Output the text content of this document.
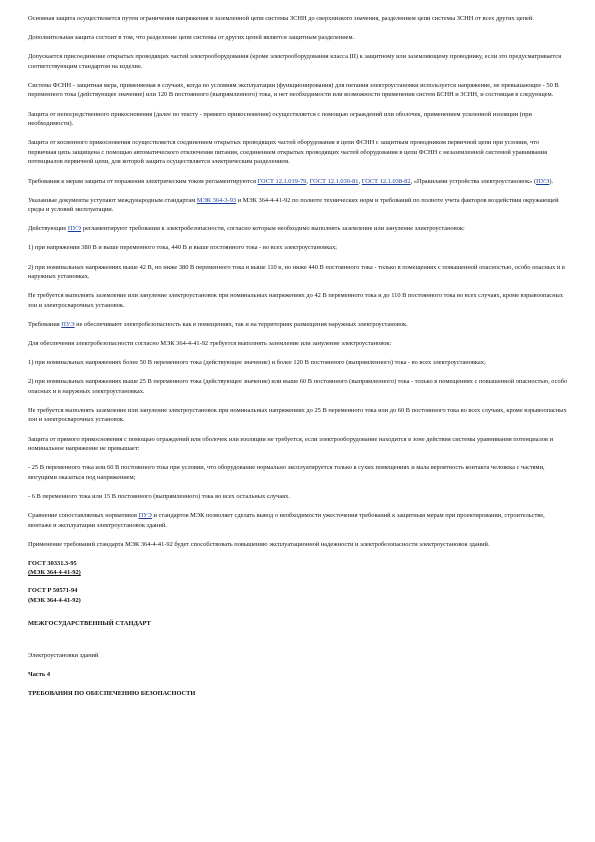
Основная защита осуществляется путем ограничения напряжения в заземленной цепи системы ЗСНН до сверхнизкого значения, разделением цепи системы ЗСНН от всех других цепей.

Дополнительная защита состоит в том, что разделение цепи системы от других цепей является защитным разделением.

Допускается присоединение открытых проводящих частей электрооборудования (кроме электрооборудования класса III) к защитному или заземляющему проводнику, если это предусматривается соответствующим стандартом на изделие.

Система ФСНН - защитная мера, применяемая в случаях, когда по условиям эксплуатации (функционирования) для питания электроустановки используется напряжение, не превышающее - 50 В переменного тока (действующее значение) или 120 В постоянного (выпрямленного) тока, и нет необходимости или возможности применения систем БСНН и ЗСНН, и состоящая в следующем.

Защита от непосредственного прикосновения (далее по тексту - прямого прикосновения) осуществляется с помощью ограждений или оболочек, применением усиленной изоляции (при необходимости).

Защита от косвенного прикосновения осуществляется соединением открытых проводящих частей оборудования в цепи ФСНН с защитным проводником первичной цепи при условии, что первичная цепь защищена с помощью автоматического отключения питания, соединением открытых проводящих частей оборудования в цепи ФСНН с незаземленной системой уравнивания потенциалов первичной цепи, для которой защита осуществляется электрическим разделением.

Требования к мерам защиты от поражения электрическим током регламентируются ГОСТ 12.1.019-79, ГОСТ 12.1.030-81, ГОСТ 12.1.038-82, «Правилами устройства электроустановок» (ПУЭ).

Указанные документы уступают международным стандартам МЭК 364-3-93 и МЭК 364-4-41-92 по полноте технических норм и требований по полноте учета факторов воздействия окружающей среды и условий эксплуатации.

Действующие ПУЭ регламентируют требования к электробезопасности, согласно которым необходимо выполнять заземление или зануление электроустановок:

1) при напряжении 380 В и выше переменного тока, 440 В и выше постоянного тока - во всех электроустановках;

2) при номинальных напряжениях выше 42 В, но ниже 380 В переменного тока и выше 110 в, но ниже 440 В постоянного тока - только в помещениях с повышенной опасностью, особо опасных и в наружных установках.

Не требуется выполнять заземление или зануление электроустановок при номинальных напряжениях до 42 В переменного тока и до 110 В постоянного тока во всех случаях, кроме взрывоопасных зон и электросварочных установок.

Требования ПУЭ не обеспечивают электробезопасность как в помещениях, так и на территориях размещения наружных электроустановок.

Для обеспечения электробезопасности согласно МЭК 364-4-41-92 требуется выполнять заземление или зануление электроустановок:

1) при номинальных напряжениях более 50 В переменного тока (действующее значение) и более 120 В постоянного (выпрямленного) тока - во всех электроустановках;

2) при номинальных напряжениях выше 25 В переменного тока (действующее значение) или выше 60 В постоянного (выпрямленного) тока - только в помещениях с повышенной опасностью, особо опасных и в наружных электроустановках.

Не требуется выполнять заземление или зануление электроустановок при номинальных напряжениях до 25 В переменного тока или до 60 В постоянного тока во всех случаях, кроме взрывоопасных зон и электросварочных установок.

Защита от прямого прикосновения с помощью ограждений или оболочек или изоляции не требуется, если электрооборудование находится в зоне действия системы уравнивания потенциалов и номинальное напряжение не превышает:

- 25 В переменного тока или 60 В постоянного тока при условии, что оборудование нормально эксплуатируется только в сухих помещениях и мала вероятность контакта человека с частями, могущими оказаться под напряжением;

- 6 В переменного тока или 15 В постоянного (выпрямленного) тока во всех остальных случаях.

Сравнение сопоставляемых нормативов ПУЭ и стандартов МЭК позволяет сделать вывод о необходимости ужесточения требований к защитным мерам при проектировании, строительстве, монтаже и эксплуатации электроустановок зданий.

Применение требований стандарта МЭК 364-4-41-92 будет способствовать повышению эксплуатационной надежности и электробезопасности электроустановок зданий.

ГОСТ 30331.3-95
(МЭК 364-4-41-92)
ГОСТ Р 50571-94
(МЭК 364-4-41-92)

МЕЖГОСУДАРСТВЕННЫЙ СТАНДАРТ

Электроустановки зданий

Часть 4

ТРЕБОВАНИЯ ПО ОБЕСПЕЧЕНИЮ БЕЗОПАСНОСТИ
